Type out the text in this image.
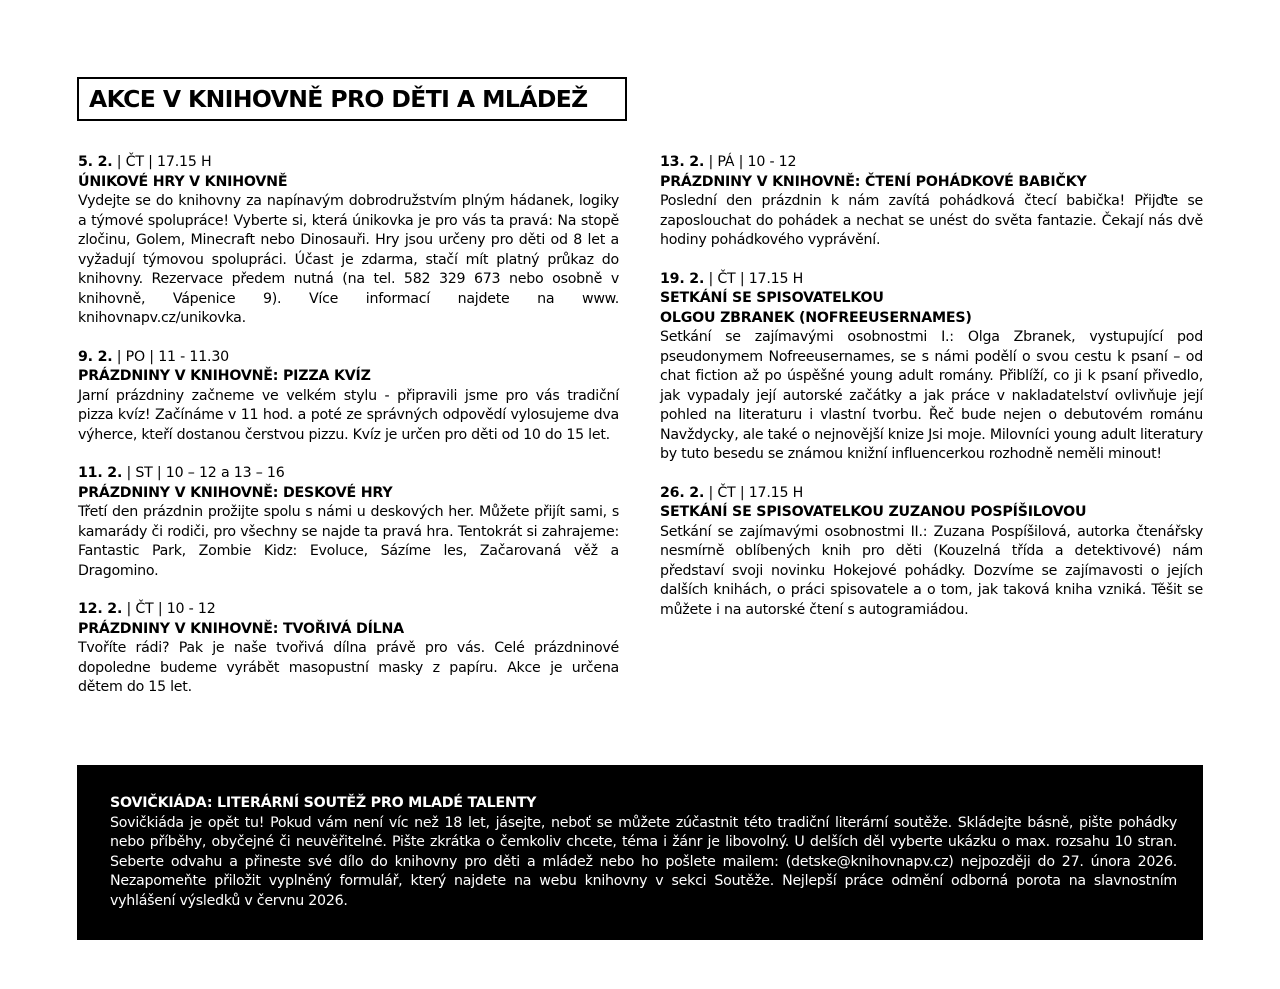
AKCE V KNIHOVNĚ PRO DĚTI A MLÁDEŽ
5. 2. | ČT | 17.15 H
ÚNIKOVÉ HRY V KNIHOVNĚ

Vydejte se do knihovny za napínavým dobrodružstvím plným hádanek, logiky a týmové spolupráce! Vyberte si, která únikovka je pro vás ta pravá: Na stopě zločinu, Golem, Minecraft nebo Dinosauři. Hry jsou určeny pro děti od 8 let a vyžadují týmovou spolupráci. Účast je zdarma, stačí mít platný průkaz do knihovny. Rezervace předem nutná (na tel. 582 329 673 nebo osobně v knihovně, Vápenice 9). Více informací najdete na www. knihovnapv.cz/unikovka.

9. 2. | PO | 11 - 11.30
PRÁZDNINY V KNIHOVNĚ: PIZZA KVÍZ

Jarní prázdniny začneme ve velkém stylu - připravili jsme pro vás tradiční pizza kvíz! Začínáme v 11 hod. a poté ze správných odpovědí vylosujeme dva výherce, kteří dostanou čerstvou pizzu. Kvíz je určen pro děti od 10 do 15 let.

11. 2. | ST | 10 – 12 a 13 – 16
PRÁZDNINY V KNIHOVNĚ: DESKOVÉ HRY

Třetí den prázdnin prožijte spolu s námi u deskových her. Můžete přijít sami, s kamarády či rodiči, pro všechny se najde ta pravá hra. Tentokrát si zahrajeme: Fantastic Park, Zombie Kidz: Evoluce, Sázíme les, Začarovaná věž a Dragomino.

12. 2. | ČT | 10 - 12
PRÁZDNINY V KNIHOVNĚ: TVOŘIVÁ DÍLNA

Tvoříte rádi? Pak je naše tvořivá dílna právě pro vás. Celé prázdninové dopoledne budeme vyrábět masopustní masky z papíru. Akce je určena dětem do 15 let.

13. 2. | PÁ | 10 - 12
PRÁZDNINY V KNIHOVNĚ: ČTENÍ POHÁDKOVÉ BABIČKY

Poslední den prázdnin k nám zavítá pohádková čtecí babička! Přijďte se zaposlouchat do pohádek a nechat se unést do světa fantazie. Čekají nás dvě hodiny pohádkového vyprávění.

19. 2. | ČT | 17.15 H
SETKÁNÍ SE SPISOVATELKOU
OLGOU ZBRANEK (NOFREEUSERNAMES)

Setkání se zajímavými osobnostmi I.: Olga Zbranek, vystupující pod pseudonymem Nofreeusernames, se s námi podělí o svou cestu k psaní – od chat fiction až po úspěšné young adult romány. Přiblíží, co ji k psaní přivedlo, jak vypadaly její autorské začátky a jak práce v nakladatelství ovlivňuje její pohled na literaturu i vlastní tvorbu. Řeč bude nejen o debutovém románu Navždycky, ale také o nejnovější knize Jsi moje. Milovníci young adult literatury by tuto besedu se známou knižní influencerkou rozhodně neměli minout!

26. 2. | ČT | 17.15 H
SETKÁNÍ SE SPISOVATELKOU ZUZANOU POSPÍŠILOVOU

Setkání se zajímavými osobnostmi II.: Zuzana Pospíšilová, autorka čtenářsky nesmírně oblíbených knih pro děti (Kouzelná třída a detektivové) nám představí svoji novinku Hokejové pohádky. Dozvíme se zajímavosti o jejích dalších knihách, o práci spisovatele a o tom, jak taková kniha vzniká. Těšit se můžete i na autorské čtení s autogramiádou.

SOVIČKIÁDA: LITERÁRNÍ SOUTĚŽ PRO MLADÉ TALENTY

Sovičkiáda je opět tu! Pokud vám není víc než 18 let, jásejte, neboť se můžete zúčastnit této tradiční literární soutěže. Skládejte básně, pište pohádky nebo příběhy, obyčejné či neuvěřitelné. Pište zkrátka o čemkoliv chcete, téma i žánr je libovolný. U delších děl vyberte ukázku o max. rozsahu 10 stran. Seberte odvahu a přineste své dílo do knihovny pro děti a mládež nebo ho pošlete mailem: (detske@knihovnapv.cz) nejpozději do 27. února 2026. Nezapomeňte přiložit vyplněný formulář, který najdete na webu knihovny v sekci Soutěže. Nejlepší práce odmění odborná porota na slavnostním vyhlášení výsledků v červnu 2026.
